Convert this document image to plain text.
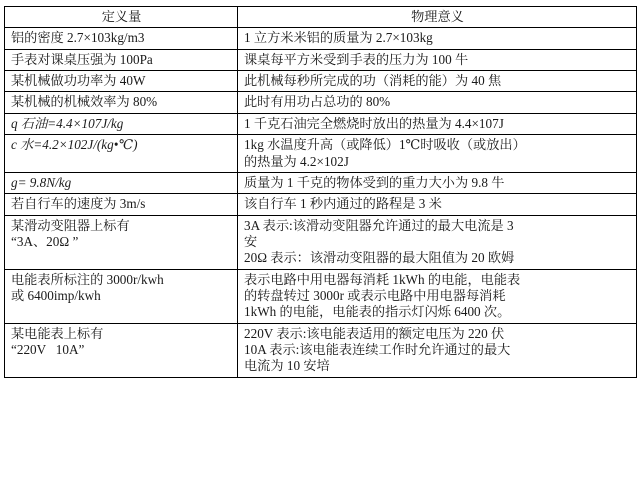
定义量	物理意义

铝的密度 2.7×103kg/m3	1 立方米米铝的质量为 2.7×103kg

手表对课桌压强为 100Pa	课桌每平方米受到手表的压力为 100 牛

某机械做功功率为 40W	此机械每秒所完成的功（消耗的能）为 40 焦

某机械的机械效率为 80%	此时有用功占总功的 80%

q 石油=4.4×107J/kg	1 千克石油完全燃烧时放出的热量为 4.4×107J

c 水=4.2×102J/(kg•℃)	1kg 水温度升高（或降低）1℃时吸收（或放出）
的热量为 4.2×102J

g= 9.8N/kg	质量为 1 千克的物体受到的重力大小为 9.8 牛

若自行车的速度为 3m/s	该自行车 1 秒内通过的路程是 3 米

某滑动变阻器上标有
“3A、20Ω ”	3A 表示:该滑动变阻器允许通过的最大电流是 3
安
20Ω 表示：该滑动变阻器的最大阻值为 20 欧姆

电能表所标注的 3000r/kwh
或 6400imp/kwh	表示电路中用电器每消耗 1kWh 的电能，电能表
的转盘转过 3000r 或表示电路中用电器每消耗
1kWh 的电能，电能表的指示灯闪烁 6400 次。

某电能表上标有
“220V   10A”	220V 表示:该电能表适用的额定电压为 220 伏
10A 表示:该电能表连续工作时允许通过的最大
电流为 10 安培
